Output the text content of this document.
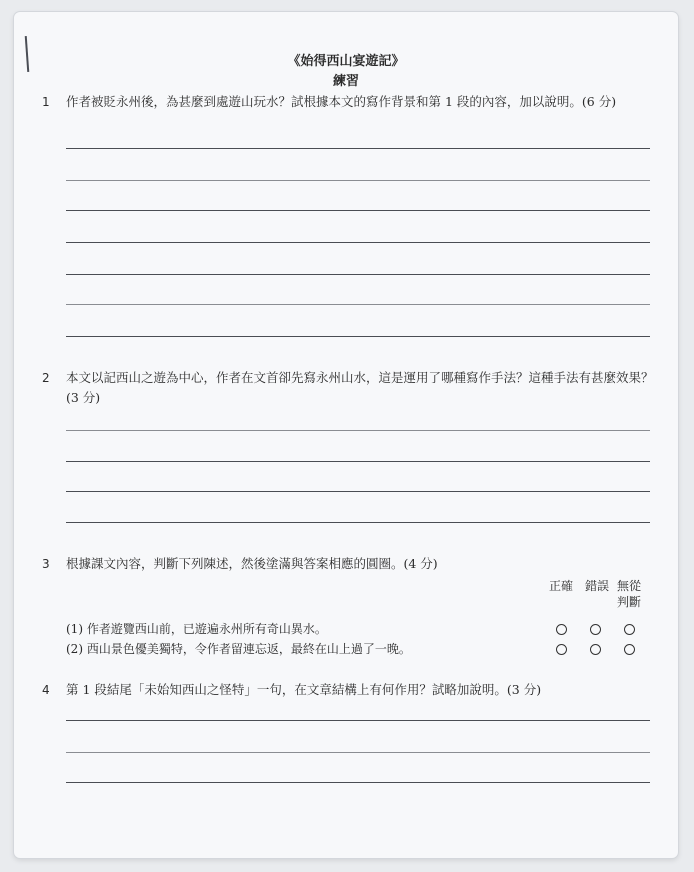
《始得西山宴遊記》
練習
1 作者被貶永州後，為甚麼到處遊山玩水？試根據本文的寫作背景和第 1 段的內容，加以說明。(6 分)
2 本文以記西山之遊為中心，作者在文首卻先寫永州山水，這是運用了哪種寫作手法？這種手法有甚麼效果？(3 分)
3 根據課文內容，判斷下列陳述，然後塗滿與答案相應的圓圈。(4 分)
正確 錯誤 無從判斷
(1) 作者遊覽西山前，已遊遍永州所有奇山異水。
(2) 西山景色優美獨特，令作者留連忘返，最終在山上過了一晚。
4 第 1 段結尾「未始知西山之怪特」一句，在文章結構上有何作用？試略加說明。(3 分)
